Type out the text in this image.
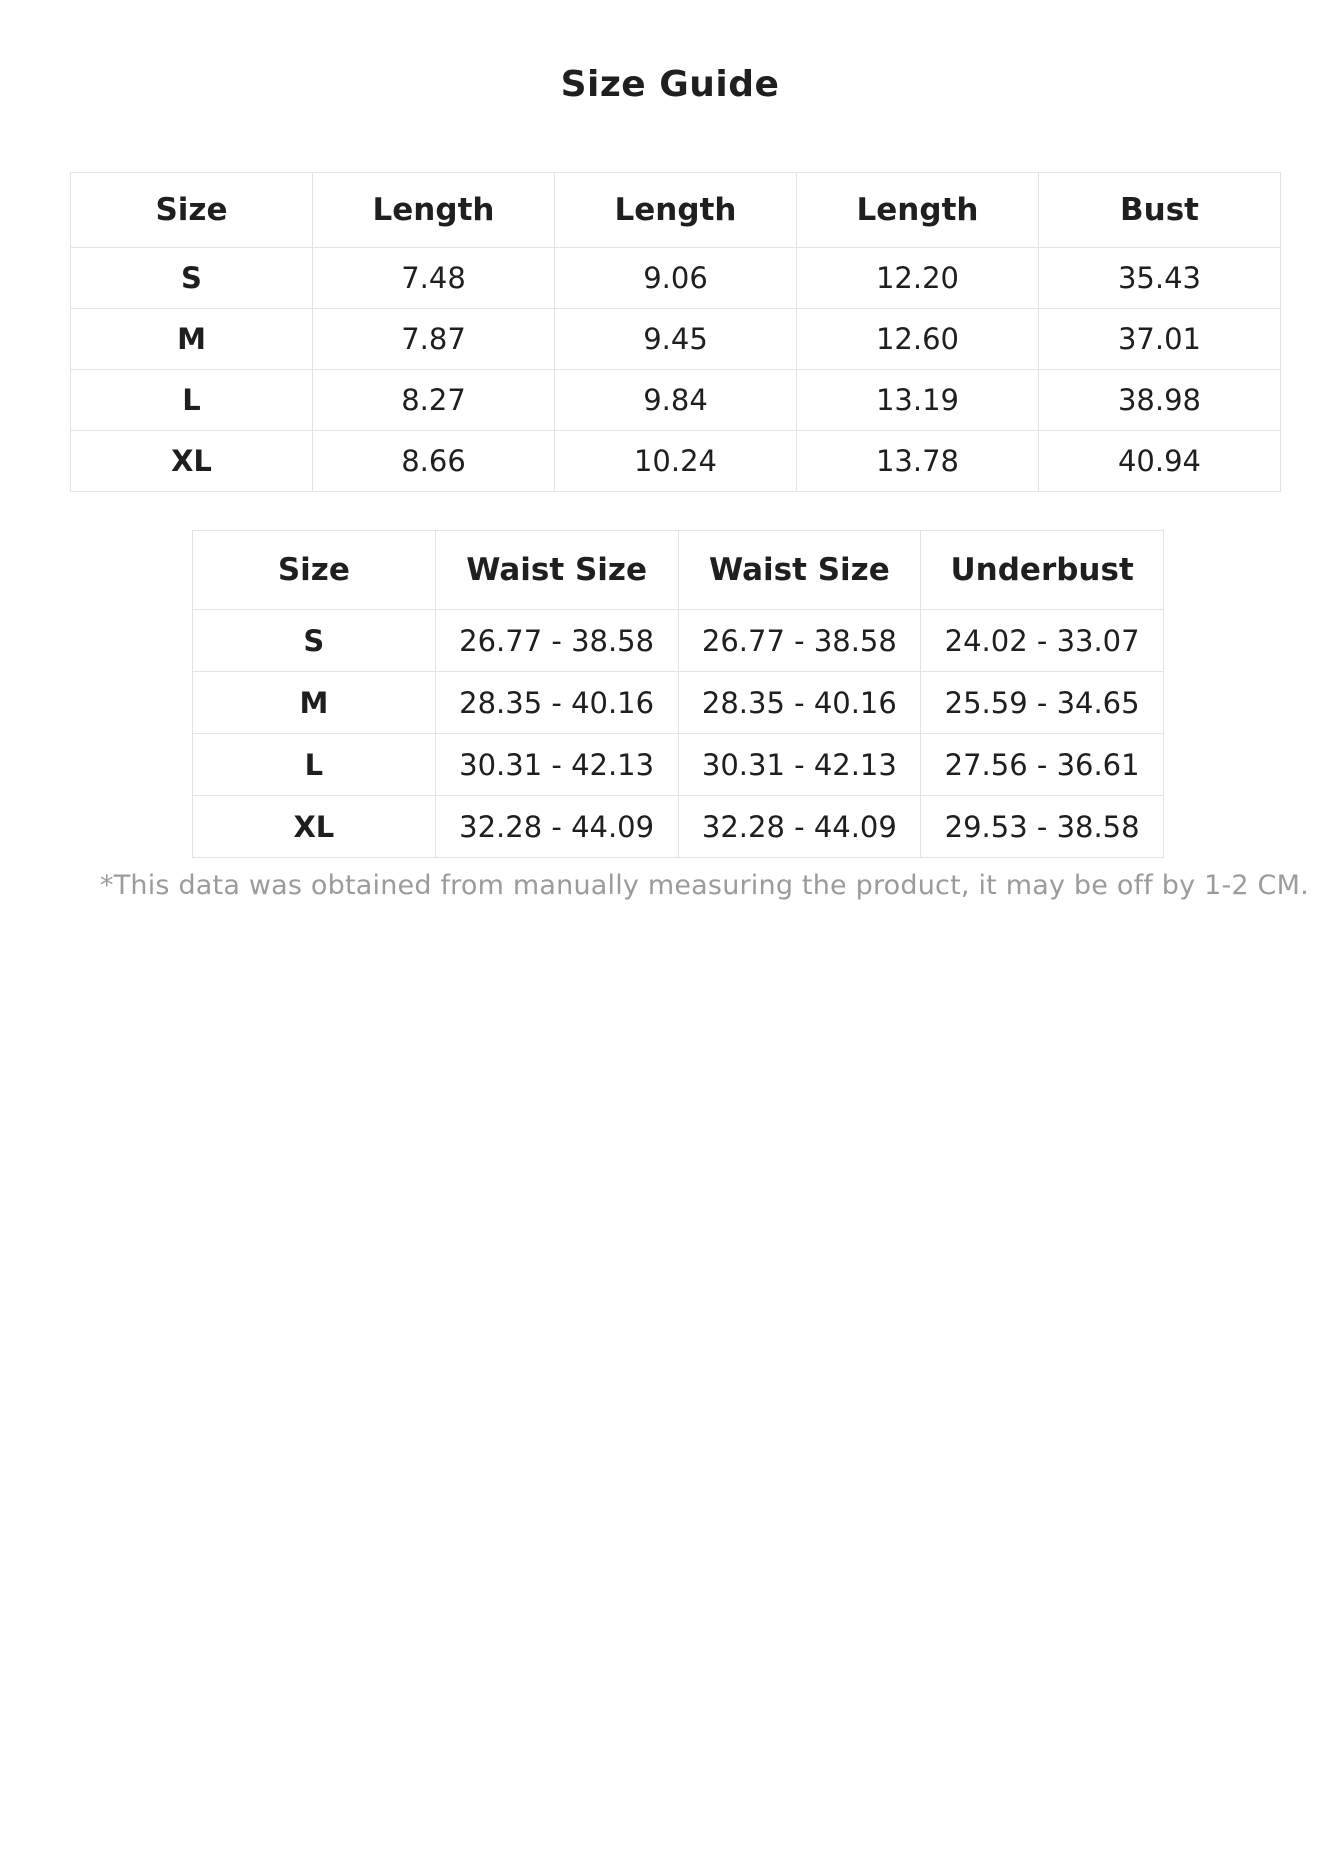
Size Guide
Size	Length	Length	Length	Bust
S	7.48	9.06	12.20	35.43
M	7.87	9.45	12.60	37.01
L	8.27	9.84	13.19	38.98
XL	8.66	10.24	13.78	40.94
Size	Waist Size	Waist Size	Underbust
S	26.77 - 38.58	26.77 - 38.58	24.02 - 33.07
M	28.35 - 40.16	28.35 - 40.16	25.59 - 34.65
L	30.31 - 42.13	30.31 - 42.13	27.56 - 36.61
XL	32.28 - 44.09	32.28 - 44.09	29.53 - 38.58

*This data was obtained from manually measuring the product, it may be off by 1-2 CM.
